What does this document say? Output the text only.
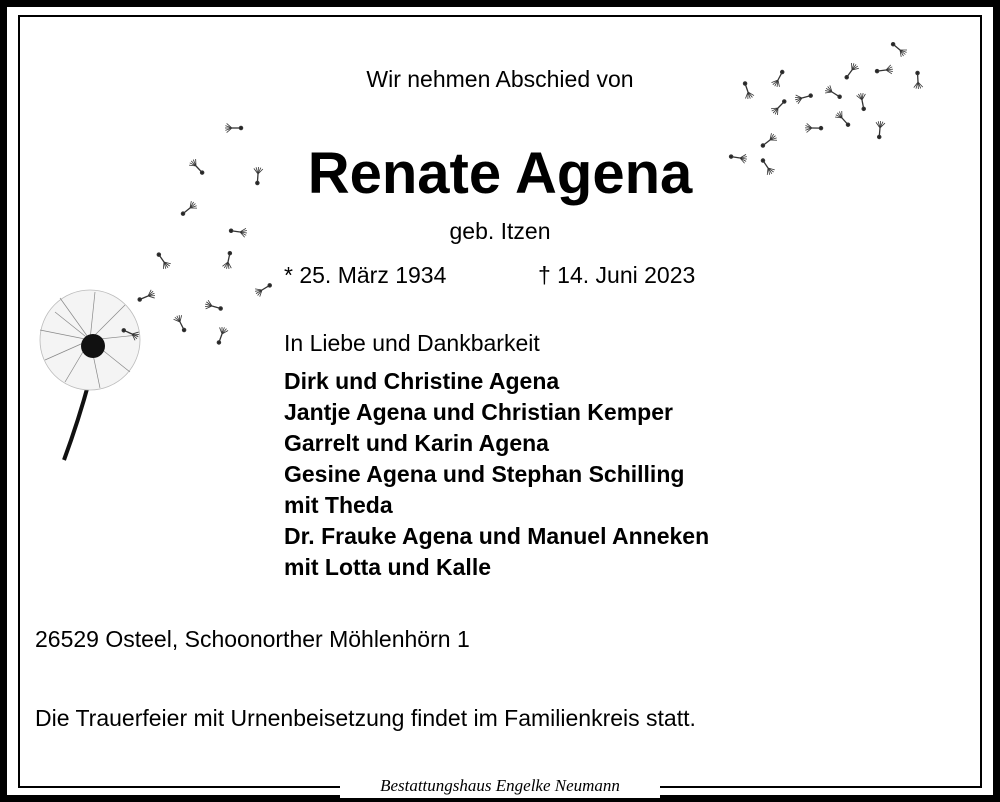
Wir nehmen Abschied von
Renate Agena
geb. Itzen
* 25. März 1934	† 14. Juni 2023
In Liebe und Dankbarkeit
Dirk und Christine Agena
Jantje Agena und Christian Kemper
Garrelt und Karin Agena
Gesine Agena und Stephan Schilling
mit Theda
Dr. Frauke Agena und Manuel Anneken
mit Lotta und Kalle
26529 Osteel, Schoonorther Möhlenhörn 1
Die Trauerfeier mit Urnenbeisetzung findet im Familienkreis statt.
Bestattungshaus Engelke Neumann
